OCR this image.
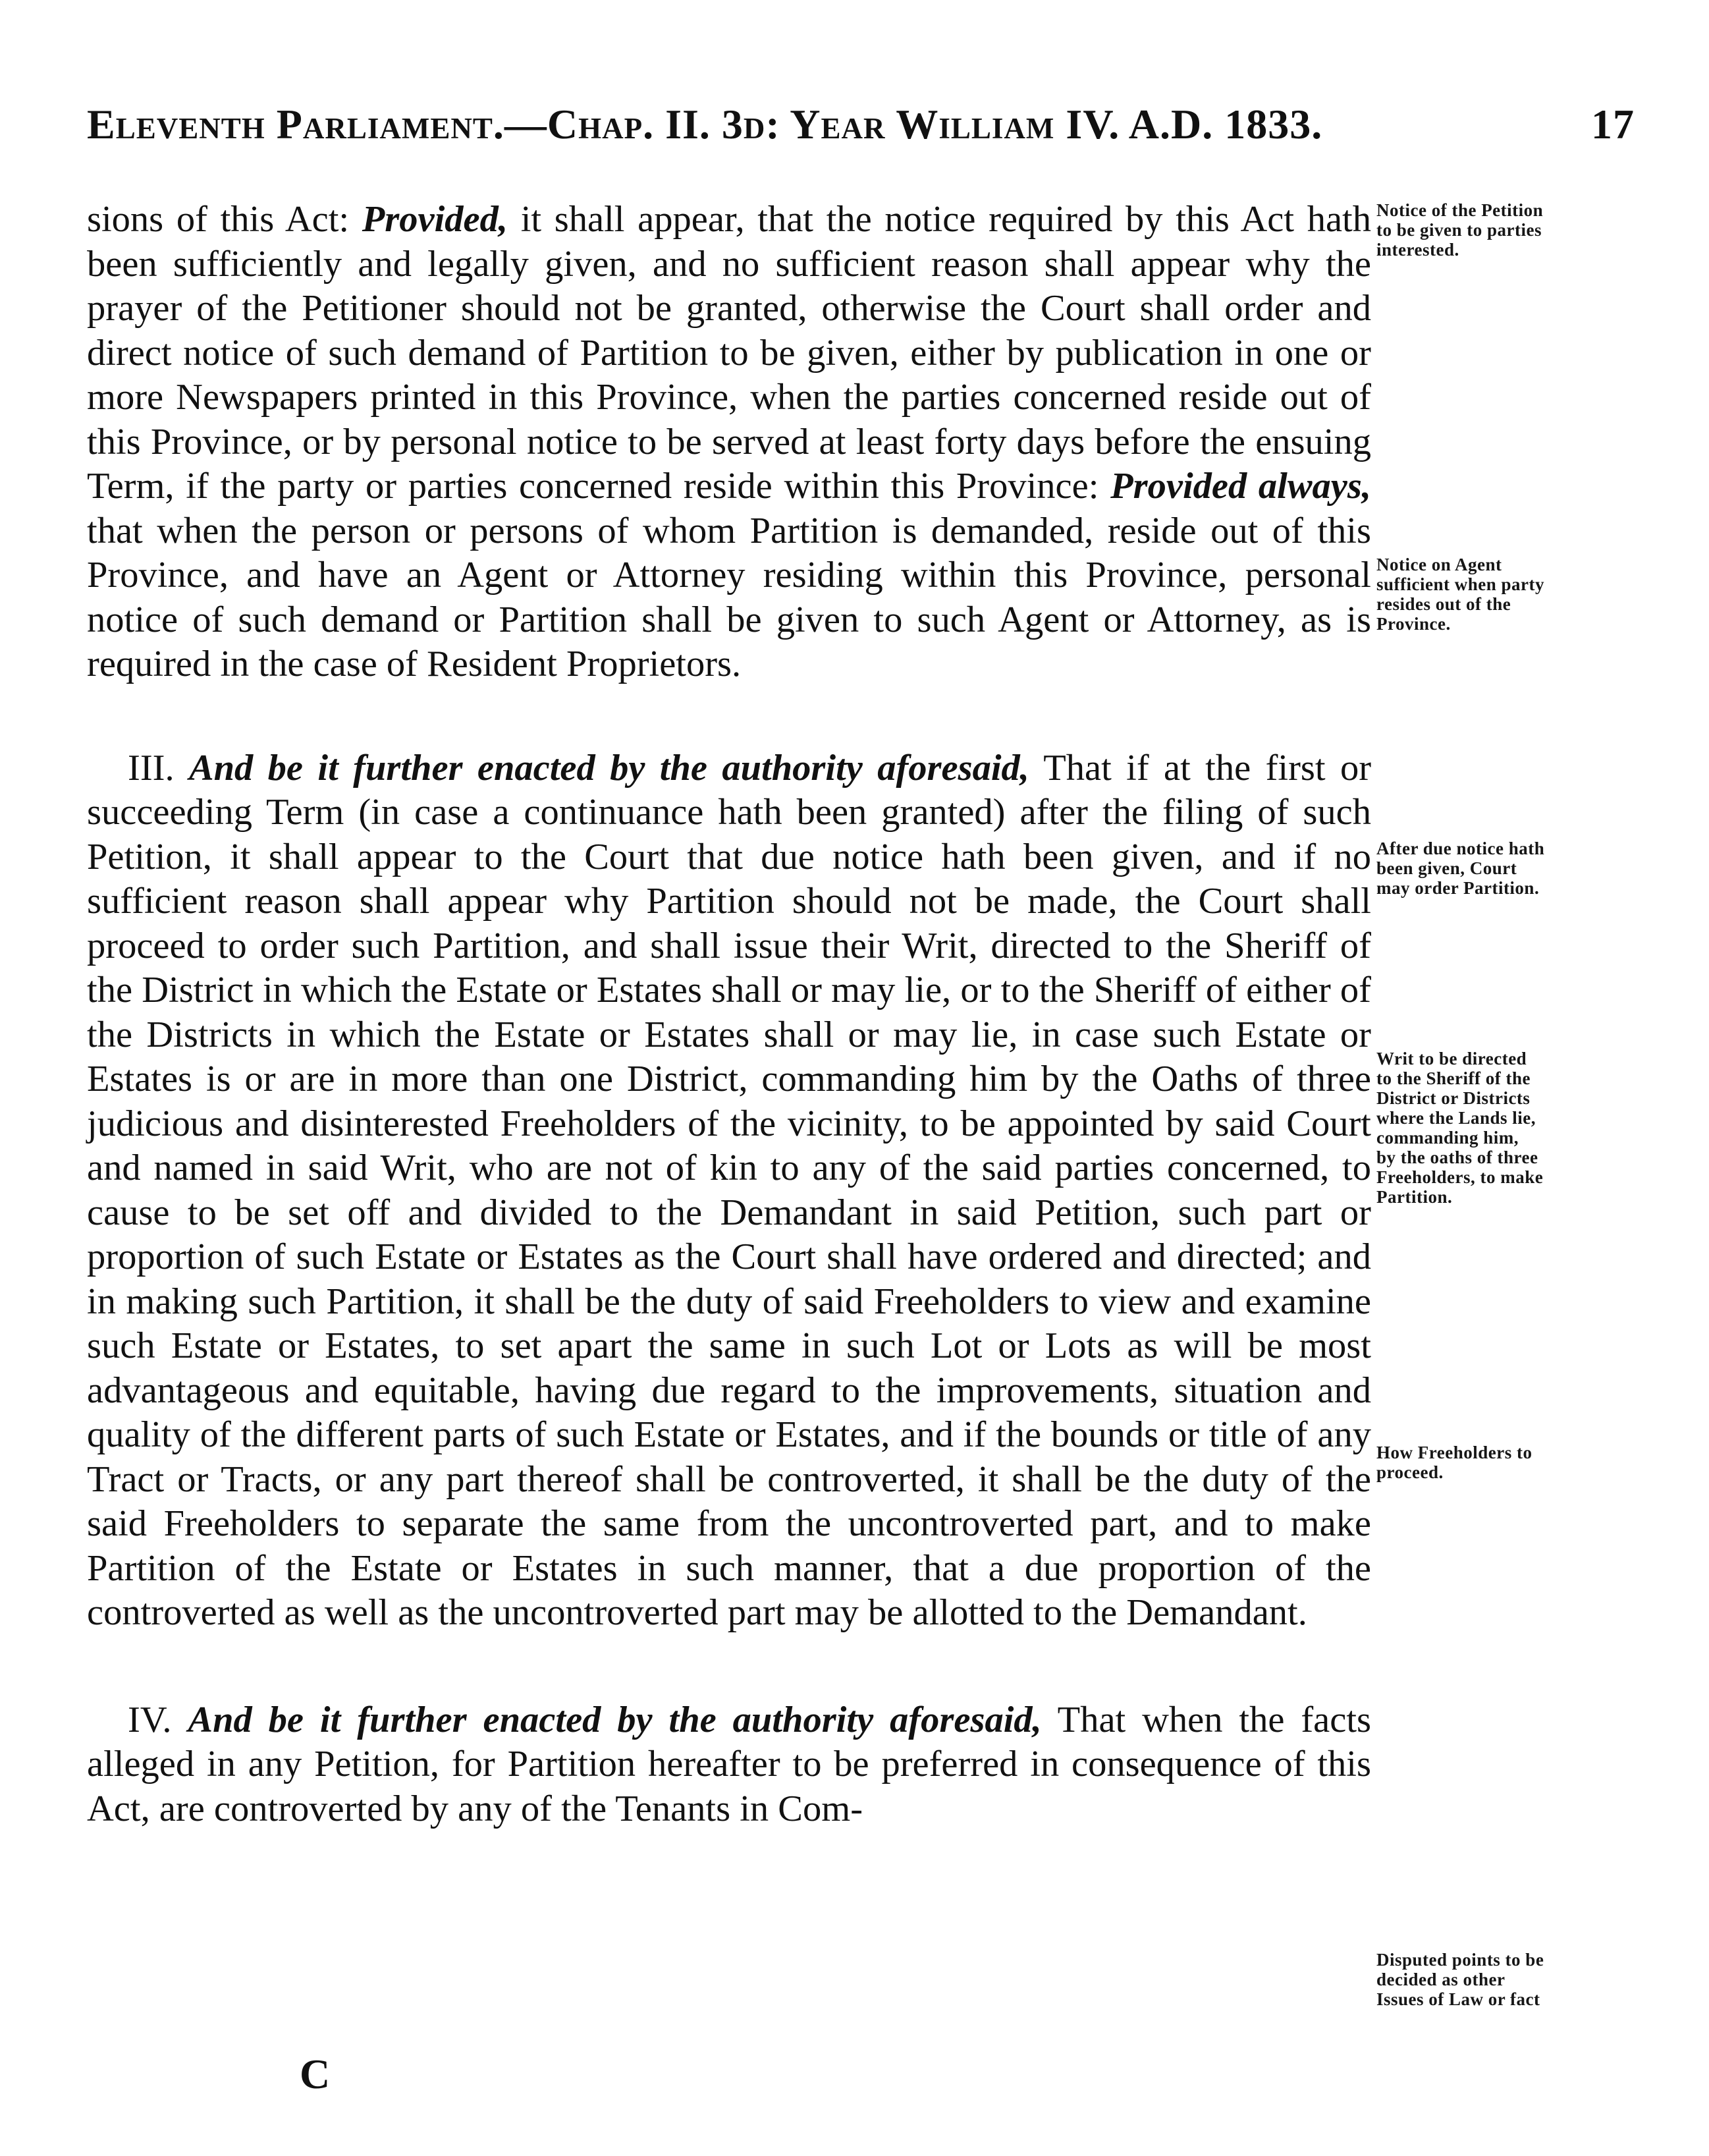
Eleventh Parliament.—Chap. II. 3d: Year William IV. A.D. 1833.	17

sions of this Act: Provided, it shall appear, that the notice required by this Act hath been sufficiently and legally given, and no sufficient reason shall appear why the prayer of the Petitioner should not be granted, otherwise the Court shall order and direct notice of such demand of Partition to be given, either by publication in one or more Newspapers printed in this Province, when the parties concerned reside out of this Province, or by personal notice to be served at least forty days before the ensuing Term, if the party or parties concerned reside within this Province: Provided always, that when the person or persons of whom Partition is demanded, reside out of this Province, and have an Agent or Attorney residing within this Province, personal notice of such demand or Partition shall be given to such Agent or Attorney, as is required in the case of Resident Proprietors.

III. And be it further enacted by the authority aforesaid, That if at the first or succeeding Term (in case a continuance hath been granted) after the filing of such Petition, it shall appear to the Court that due notice hath been given, and if no sufficient reason shall appear why Partition should not be made, the Court shall proceed to order such Partition, and shall issue their Writ, directed to the Sheriff of the District in which the Estate or Estates shall or may lie, or to the Sheriff of either of the Districts in which the Estate or Estates shall or may lie, in case such Estate or Estates is or are in more than one District, commanding him by the Oaths of three judicious and disinterested Freeholders of the vicinity, to be appointed by said Court and named in said Writ, who are not of kin to any of the said parties concerned, to cause to be set off and divided to the Demandant in said Petition, such part or proportion of such Estate or Estates as the Court shall have ordered and directed; and in making such Partition, it shall be the duty of said Freeholders to view and examine such Estate or Estates, to set apart the same in such Lot or Lots as will be most advantageous and equitable, having due regard to the improvements, situation and quality of the different parts of such Estate or Estates, and if the bounds or title of any Tract or Tracts, or any part thereof shall be controverted, it shall be the duty of the said Freeholders to separate the same from the uncontroverted part, and to make Partition of the Estate or Estates in such manner, that a due proportion of the controverted as well as the uncontroverted part may be allotted to the Demandant.

IV. And be it further enacted by the authority aforesaid, That when the facts alleged in any Petition, for Partition hereafter to be preferred in consequence of this Act, are controverted by any of the Tenants in Com-

Notice of the Petition
to be given to parties
interested.
Notice on Agent
sufficient when party
resides out of the
Province.
After due notice hath
been given, Court
may order Partition.
Writ to be directed
to the Sheriff of the
District or Districts
where the Lands lie,
commanding him,
by the oaths of three
Freeholders, to make
Partition.
How Freeholders to
proceed.
Disputed points to be
decided as other
Issues of Law or fact
C
